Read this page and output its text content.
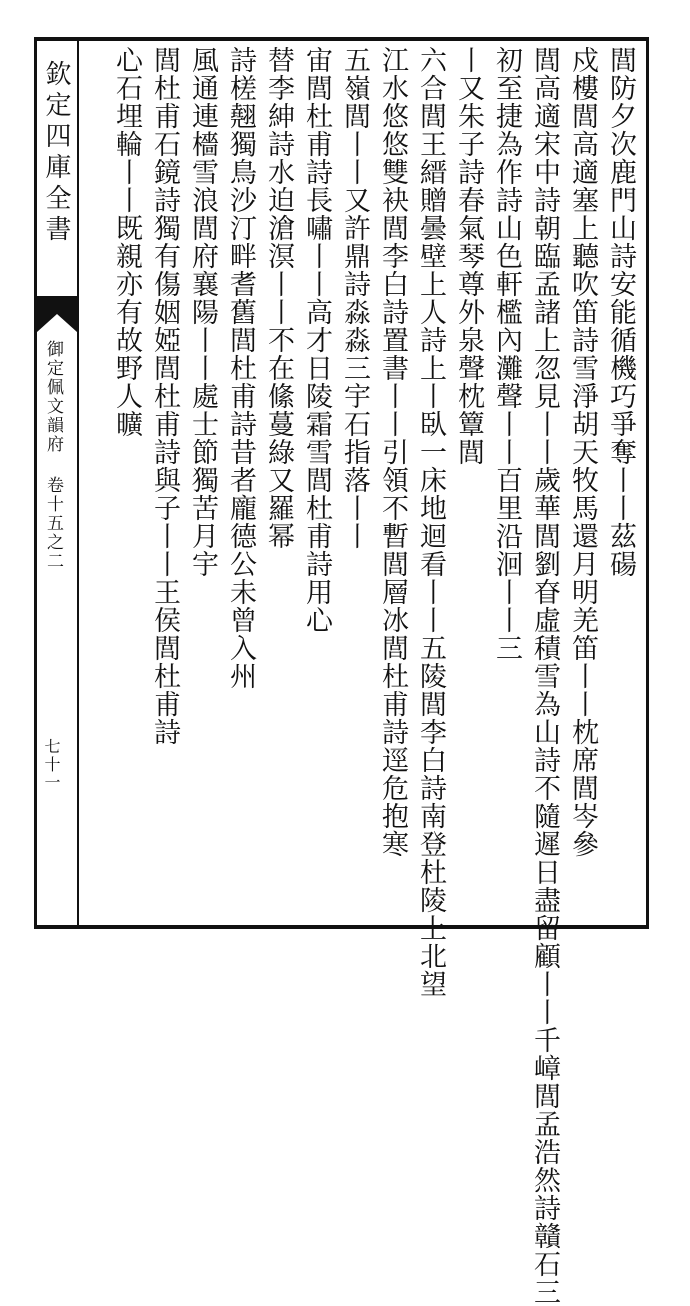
欽定四庫全書
御定佩文韻府 卷十五之二
七十一
閭防夕次鹿門山詩安能循機巧爭奪丨丨茲碭
戍樓閭高適塞上聽吹笛詩雪淨胡天牧馬還月明羌笛丨丨枕席閭岑參
閭高適宋中詩朝臨孟諸上忽見丨丨歲華閭劉眘虛積雪為山詩不隨遲日盡留顧丨丨千嶂閭孟浩然詩贛石三
初至捷為作詩山色軒檻內灘聲丨丨百里沿洄丨丨三
丨又朱子詩春氣琴尊外泉聲枕簟閭
六合閭王縉贈曇壁上人詩上丨臥一床地迴看丨丨五陵閭李白詩南登杜陵上北望
江水悠悠雙袂閭李白詩置書丨丨引領不暫閭層冰閭杜甫詩逕危抱寒
五嶺閭丨丨又許鼎詩淼淼三宇石指落丨丨
宙閭杜甫詩長嘯丨丨高才日陵霜雪閭杜甫詩用心
替李紳詩水迫滄溟丨丨不在絛蔓綠又羅幂
詩槎翹獨鳥沙汀畔耆舊閭杜甫詩昔者龐德公未曾入州
風通連檣雪浪閭府襄陽丨丨處士節獨苦月宇
閭杜甫石鏡詩獨有傷姻婭閭杜甫詩與子丨丨王侯閭杜甫詩
心石埋輪丨丨既親亦有故野人曠
